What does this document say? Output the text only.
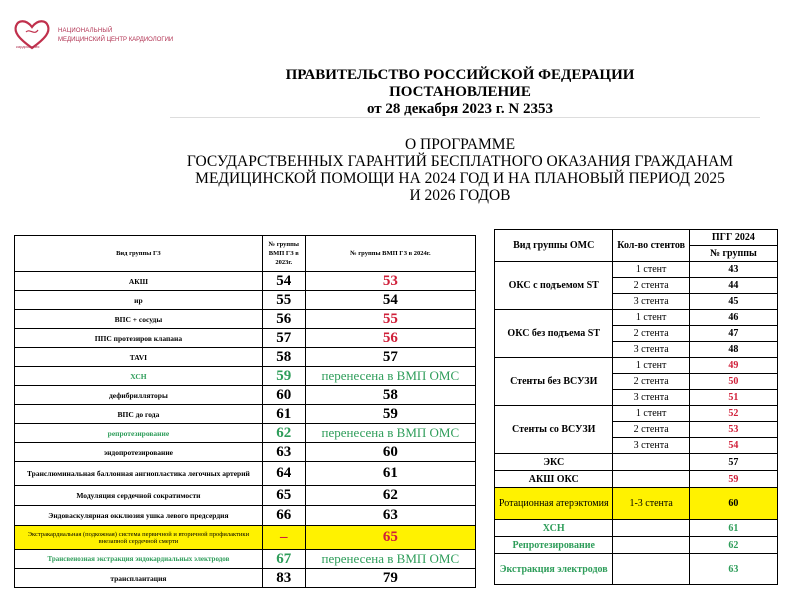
кардиология
НАЦИОНАЛЬНЫЙ
МЕДИЦИНСКИЙ ЦЕНТР КАРДИОЛОГИИ
ПРАВИТЕЛЬСТВО РОССИЙСКОЙ ФЕДЕРАЦИИ
ПОСТАНОВЛЕНИЕ
от 28 декабря 2023 г. N 2353
О ПРОГРАММЕ
ГОСУДАРСТВЕННЫХ ГАРАНТИЙ БЕСПЛАТНОГО ОКАЗАНИЯ ГРАЖДАНАМ
МЕДИЦИНСКОЙ ПОМОЩИ НА 2024 ГОД И НА ПЛАНОВЫЙ ПЕРИОД 2025
И 2026 ГОДОВ
Вид группы ГЗ	№ группы ВМП ГЗ в 2023г.	№ группы ВМП ГЗ в 2024г.
АКШ	54	53
ир	55	54
ВПС + сосуды	56	55
ППС протезиров клапана	57	56
TAVI	58	57
ХСН	59	перенесена в ВМП ОМС
дефибрилляторы	60	58
ВПС до года	61	59
репротезирование	62	перенесена в ВМП ОМС
эндопротезирование	63	60
Транслюминальная баллонная ангиопластика легочных артерий	64	61
Модуляция сердечной сократимости	65	62
Эндоваскулярная окклюзия ушка левого предсердия	66	63
Экстракардиальная (подкожная) система первичной и вторичной профилактики внезапной сердечной смерти	–	65
Трансвенозная экстракция эндокардиальных электродов	67	перенесена в ВМП ОМС
трансплантация	83	79
Вид группы ОМС	Кол-во стентов	ПГГ 2024
		№ группы
ОКС с подъемом ST	1 стент	43
	2 стента	44
	3 стента	45
ОКС без подъема ST	1 стент	46
	2 стента	47
	3 стента	48
Стенты без ВСУЗИ	1 стент	49
	2 стента	50
	3 стента	51
Стенты со ВСУЗИ	1 стент	52
	2 стента	53
	3 стента	54
ЭКС		57
АКШ ОКС		59
Ротационная атерэктомия	1-3 стента	60
ХСН		61
Репротезирование		62
Экстракция электродов		63
